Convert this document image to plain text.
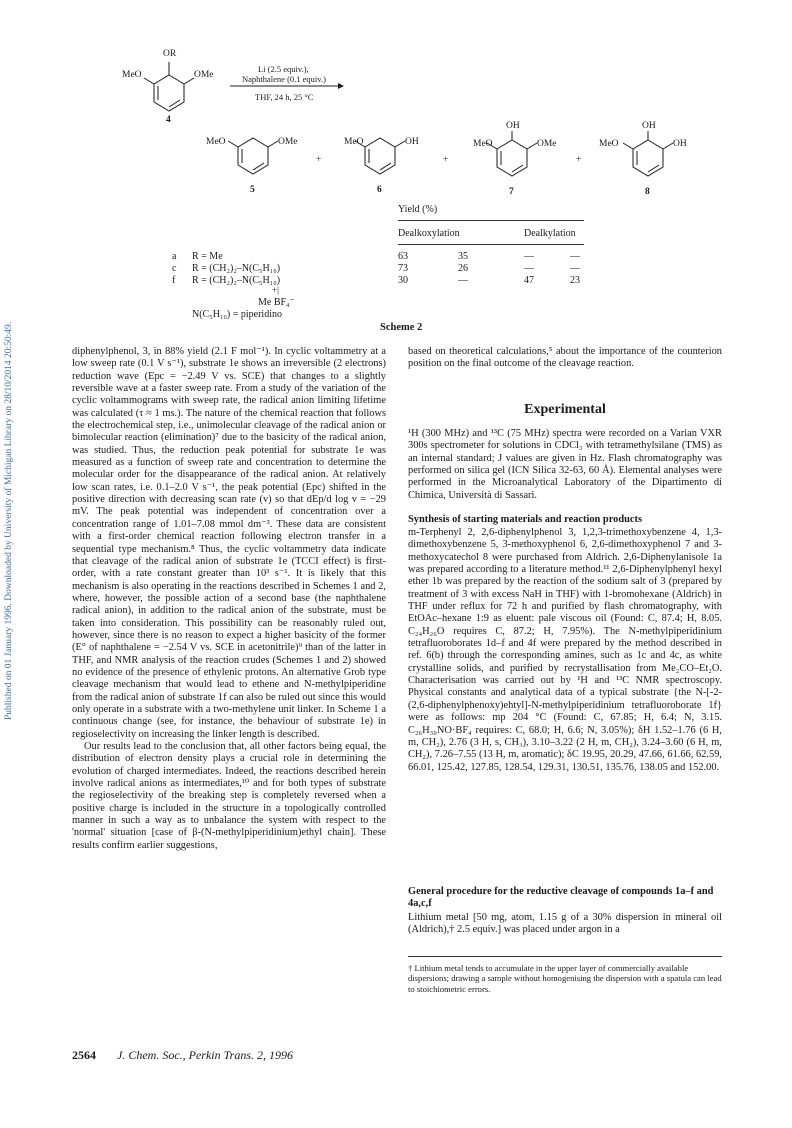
Published on 01 January 1996. Downloaded by University of Michigan Library on 28/10/2014 20:50:49.
OR
MeO	OMe
4
Li (2.5 equiv.),
Naphthalene (0.1 equiv.)
THF, 24 h, 25 °C
MeO	OMe
5
+
MeO	OH
6
+
OH
MeO	OMe
7
+
OH
MeO	OH
8
Yield (%)
Dealkoxylation	Dealkylation
a R = Me	63	35	—	—
c R = (CH₂)₂–N(C₅H₁₀)	73	26	—	—
f R = (CH₂)₂–N(C₅H₁₀)	30	—	47	23
+|
Me BF₄⁻
N(C₅H₁₀) = piperidino
Scheme 2

diphenylphenol, 3, in 88% yield (2.1 F mol⁻¹). In cyclic voltammetry at a low sweep rate (0.1 V s⁻¹), substrate 1e shows an irreversible (2 electrons) reduction wave (Epc = −2.49 V vs. SCE) that changes to a slightly reversible wave at a faster sweep rate. From a study of the variation of the cyclic voltammograms with sweep rate, the radical anion limiting lifetime was calculated (τ ≈ 1 ms.). The nature of the chemical reaction that follows the electrochemical step, i.e., unimolecular cleavage of the radical anion or bimolecular reaction (elimination)⁷ due to the basicity of the radical anion, was studied. Thus, the reduction peak potential for substrate 1e was measured as a function of sweep rate and concentration to determine the molecular order for the disappearance of the radical anion. At relatively low scan rates, i.e. 0.1–2.0 V s⁻¹, the peak potential (Epc) shifted in the positive direction with decreasing scan rate (v) so that dEp/d log v = −29 mV. The peak potential was independent of concentration over a concentration range of 1.01–7.08 mmol dm⁻³. These data are consistent with a first-order chemical reaction following electron transfer in a sequential type mechanism.⁸ Thus, the cyclic voltammetry data indicate that cleavage of the radical anion of substrate 1e (TCCI effect) is first-order, with a rate constant greater than 10³ s⁻¹. It is likely that this mechanism is also operating in the reactions described in Schemes 1 and 2, where, however, the possible action of a second base (the naphthalene radical anion), in addition to the radical anion of the substrate, must be taken into consideration. This possibility can be reasonably ruled out, however, since there is no reason to expect a higher basicity of the former (E° of naphthalene = −2.54 V vs. SCE in acetonitrile)⁹ than of the latter in THF, and NMR analysis of the reaction crudes (Schemes 1 and 2) showed no evidence of the presence of ethylenic protons. An alternative Grob type cleavage mechanism that would lead to ethene and N-methylpiperidine from the radical anion of substrate 1f can also be ruled out since this would only operate in a substrate with a two-methylene unit linker. In Scheme 1 a continuous change (see, for instance, the behaviour of substrate 1e) in regioselectivity on increasing the linker length is described.

Our results lead to the conclusion that, all other factors being equal, the distribution of electron density plays a crucial role in determining the evolution of charged intermediates. Indeed, the reactions described herein involve radical anions as intermediates,¹⁰ and for both types of substrate the regioselectivity of the breaking step is completely reversed when a positive charge is included in the structure in a topologically controlled manner in such a way as to unbalance the system with respect to the 'normal' situation [case of β-(N-methylpiperidinium)ethyl chain]. These results confirm earlier suggestions,

based on theoretical calculations,⁵ about the importance of the counterion position on the final outcome of the cleavage reaction.

Experimental

¹H (300 MHz) and ¹³C (75 MHz) spectra were recorded on a Varian VXR 300s spectrometer for solutions in CDCl₃ with tetramethylsilane (TMS) as an internal standard; J values are given in Hz. Flash chromatography was performed on silica gel (ICN Silica 32-63, 60 Å). Elemental analyses were performed in the Microanalytical Laboratory of the Dipartimento di Chimica, Università di Sassari.

Synthesis of starting materials and reaction products

m-Terphenyl 2, 2,6-diphenylphenol 3, 1,2,3-trimethoxybenzene 4, 1,3-dimethoxybenzene 5, 3-methoxyphenol 6, 2,6-dimethoxyphenol 7 and 3-methoxycatechol 8 were purchased from Aldrich. 2,6-Diphenylanisole 1a was prepared according to a literature method.¹¹ 2,6-Diphenylphenyl hexyl ether 1b was prepared by the reaction of the sodium salt of 3 (prepared by treatment of 3 with excess NaH in THF) with 1-bromohexane (Aldrich) in THF under reflux for 72 h and purified by flash chromatography, with EtOAc–hexane 1:9 as eluent: pale viscous oil (Found: C, 87.4; H, 8.05. C₂₄H₂₆O requires C, 87.2; H, 7.95%). The N-methylpiperidinium tetrafluoroborates 1d–f and 4f were prepared by the method described in ref. 6(b) through the corresponding amines, such as 1c and 4c, as white crystalline solids, and purified by recrystallisation from Me₂CO–Et₂O. Characterisation was carried out by ¹H and ¹³C NMR spectroscopy. Physical constants and analytical data of a typical substrate {the N-[-2-(2,6-diphenylphenoxy)ehtyl]-N-methylpiperidinium tetrafluoroborate 1f} were as follows: mp 204 °C (Found: C, 67.85; H, 6.4; N, 3.15. C₂₆H₃₀NO·BF₄ requires: C, 68.0; H, 6.6; N, 3.05%); δH 1.52–1.76 (6 H, m, CH₂), 2.76 (3 H, s, CH₃), 3.10–3.22 (2 H, m, CH₂), 3.24–3.60 (6 H, m, CH₂), 7.26–7.55 (13 H, m, aromatic); δC 19.95, 20.29, 47.66, 61.66, 62.59, 66.01, 125.42, 127.85, 128.54, 129.31, 130.51, 135.76, 138.05 and 152.00.

General procedure for the reductive cleavage of compounds 1a–f and 4a,c,f

Lithium metal [50 mg, atom, 1.15 g of a 30% dispersion in mineral oil (Aldrich),† 2.5 equiv.] was placed under argon in a

† Lithium metal tends to accumulate in the upper layer of commercially available dispersions; drawing a sample without homogenising the dispersion with a spatula can lead to stoichiometric errors.
2564 J. Chem. Soc., Perkin Trans. 2, 1996
